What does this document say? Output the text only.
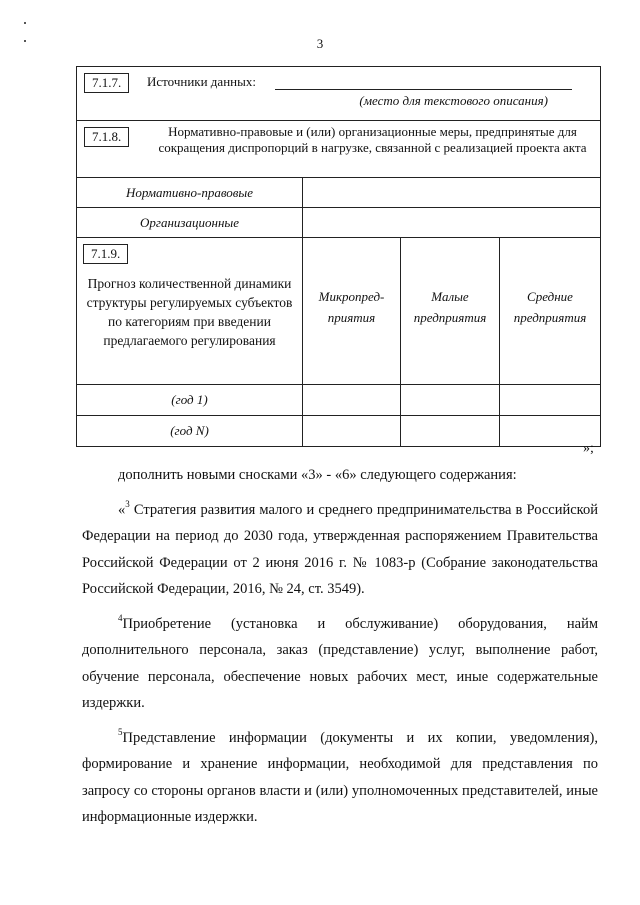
3
7.1.7. Источники данных:
(место для текстового описания)			

7.1.8. Нормативно-правовые и (или) организационные меры, предпринятые для сокращения диспропорций в нагрузке, связанной с реализацией проекта акта			

Нормативно-правовые			

Организационные			

7.1.9.
Прогноз количественной динамики структуры регулируемых субъектов по категориям при введении предлагаемого регулирования	Микропред-приятия	Малые предприятия	Средние предприятия

(год 1)			

(год N)			

»;

дополнить новыми сносками «3» - «6» следующего содержания:

«$^3$ Стратегия развития малого и среднего предпринимательства в Российской Федерации на период до 2030 года, утвержденная распоряжением Правительства Российской Федерации от 2 июня 2016 г. № 1083-р (Собрание законодательства Российской Федерации, 2016, № 24, ст. 3549).

$^4$Приобретение (установка и обслуживание) оборудования, найм дополнительного персонала, заказ (представление) услуг, выполнение работ, обучение персонала, обеспечение новых рабочих мест, иные содержательные издержки.

$^5$Представление информации (документы и их копии, уведомления), формирование и хранение информации, необходимой для представления по запросу со стороны органов власти и (или) уполномоченных представителей, иные информационные издержки.
